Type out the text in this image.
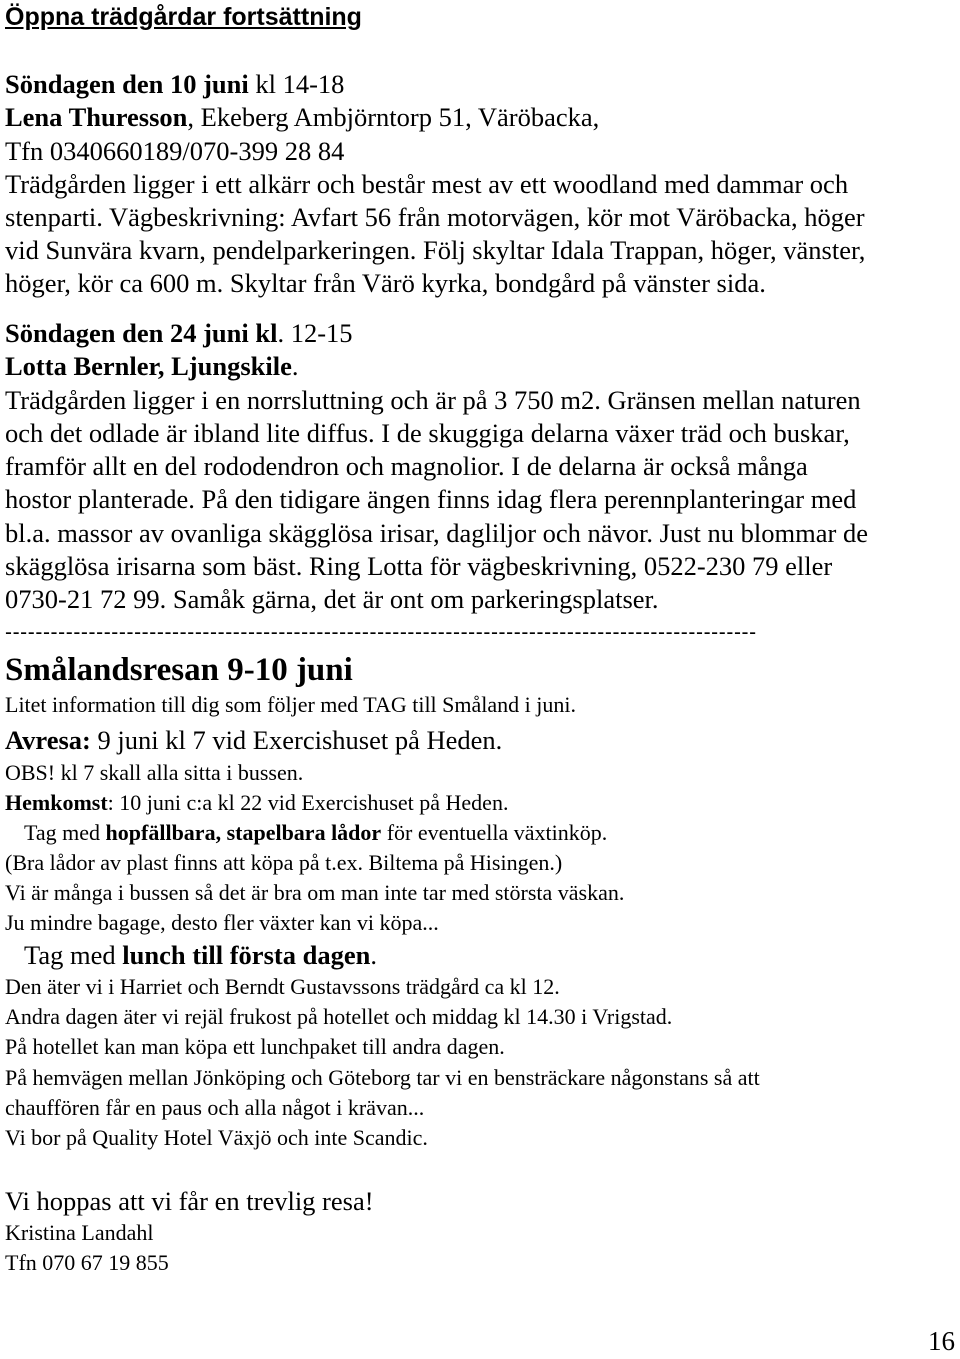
Öppna trädgårdar fortsättning
Söndagen den 10 juni kl 14-18
Lena Thuresson, Ekeberg Ambjörntorp 51, Väröbacka,
Tfn 0340660189/070-399 28 84
Trädgården ligger i ett alkärr och består mest av ett woodland med dammar och
stenparti. Vägbeskrivning: Avfart 56 från motorvägen, kör mot Väröbacka, höger
vid Sunvära kvarn, pendelparkeringen. Följ skyltar Idala Trappan, höger, vänster,
höger, kör ca 600 m. Skyltar från Värö kyrka, bondgård på vänster sida.
Söndagen den 24 juni kl. 12-15
Lotta Bernler, Ljungskile.
Trädgården ligger i en norrsluttning och är på 3 750 m2. Gränsen mellan naturen
och det odlade är ibland lite diffus. I de skuggiga delarna växer träd och buskar,
framför allt en del rododendron och magnolior. I de delarna är också många
hostor planterade. På den tidigare ängen finns idag flera perennplanteringar med
bl.a. massor av ovanliga skägglösa irisar, dagliljor och nävor. Just nu blommar de
skägglösa irisarna som bäst. Ring Lotta för vägbeskrivning, 0522-230 79 eller
0730-21 72 99. Samåk gärna, det är ont om parkeringsplatser.
---------------------------------------------------------------------------------------------------
Smålandsresan 9-10 juni
Litet information till dig som följer med TAG till Småland i juni.
Avresa: 9 juni kl 7 vid Exercishuset på Heden.
OBS! kl 7 skall alla sitta i bussen.
Hemkomst: 10 juni c:a kl 22 vid Exercishuset på Heden.
Tag med hopfällbara, stapelbara lådor för eventuella växtinköp.
(Bra lådor av plast finns att köpa på t.ex. Biltema på Hisingen.)
Vi är många i bussen så det är bra om man inte tar med största väskan.
Ju mindre bagage, desto fler växter kan vi köpa...
Tag med lunch till första dagen.
Den äter vi i Harriet och Berndt Gustavssons trädgård ca kl 12.
Andra dagen äter vi rejäl frukost på hotellet och middag kl 14.30 i Vrigstad.
På hotellet kan man köpa ett lunchpaket till andra dagen.
På hemvägen mellan Jönköping och Göteborg tar vi en bensträckare någonstans så att
chauffören får en paus och alla något i krävan...
Vi bor på Quality Hotel Växjö och inte Scandic.
Vi hoppas att vi får en trevlig resa!
Kristina Landahl
Tfn 070 67 19 855
16
